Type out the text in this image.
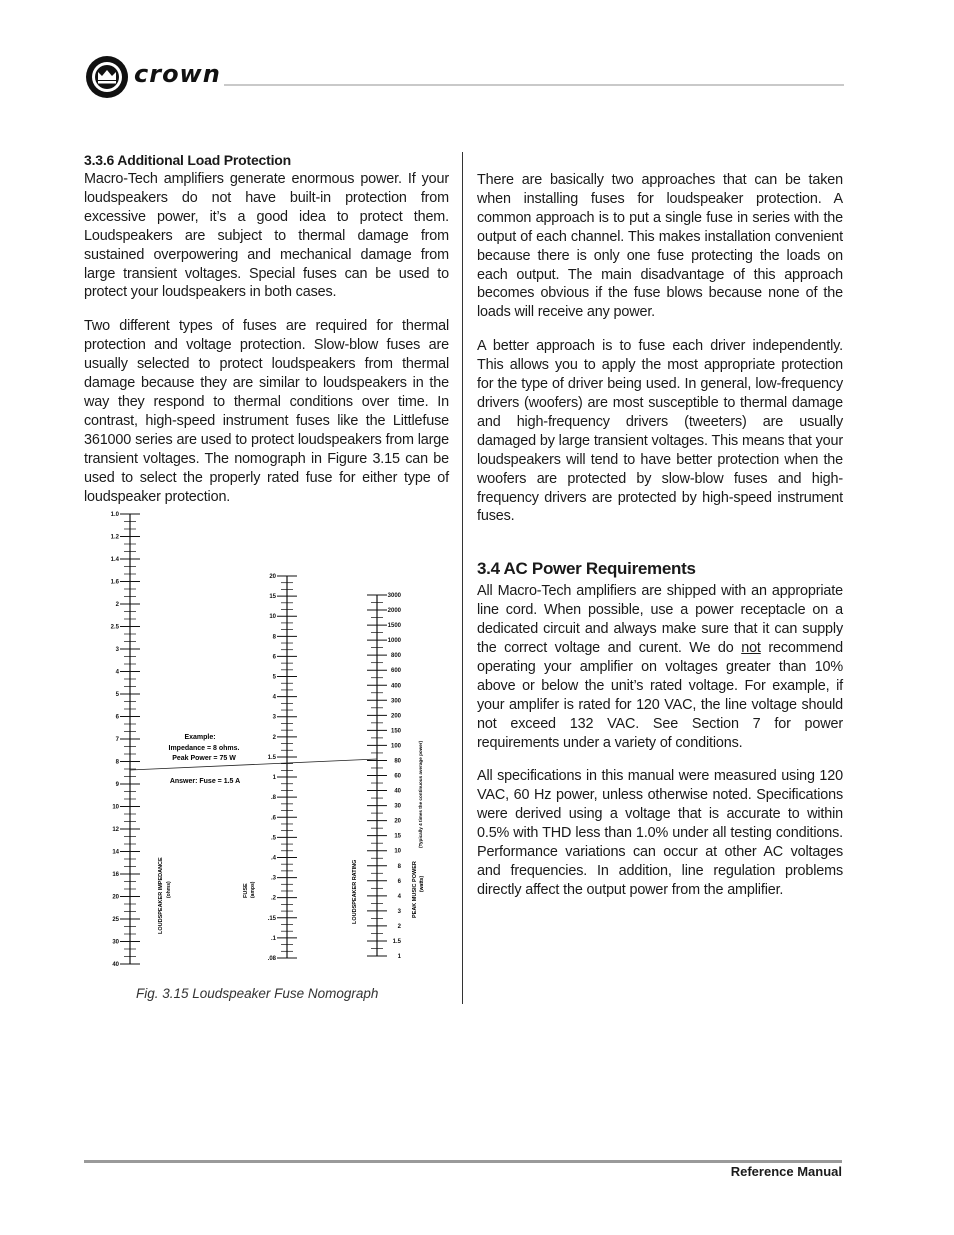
crown
3.3.6 Additional Load Protection

Macro-Tech amplifiers generate enormous power. If your loudspeakers do not have built-in protection from excessive power, it’s a good idea to protect them. Loudspeakers are subject to thermal damage from sustained overpowering and mechanical damage from large transient voltages. Special fuses can be used to protect your loudspeakers in both cases.

Two different types of fuses are required for thermal protection and voltage protection. Slow-blow fuses are usually selected to protect loudspeakers from thermal damage because they are similar to loudspeakers in the way they respond to thermal conditions over time. In contrast, high-speed instrument fuses like the Littlefuse 361000 series are used to protect loudspeakers from large transient voltages. The nomograph in Figure 3.15 can be used to select the properly rated fuse for either type of loudspeaker protection.

1.0
1.2
1.4
1.6
2
2.5
3
4
5
6
7
8
9
10
12
14
16
20
25
30
40
20
15
10
8
6
5
4
3
2
1.5
1
.8
.6
.5
.4
.3
.2
.15
.1
.08
3000
2000
1500
1000
800
600
400
300
200
150
100
80
60
40
30
20
15
10
8
6
4
3
2
1.5
1
Example:
Impedance = 8 ohms.
Peak Power = 75 W
Answer: Fuse = 1.5 A
LOUDSPEAKER IMPEDANCE (ohms)	FUSE (amps)	LOUDSPEAKER RATING	PEAK MUSIC POWER (watts)
(Typically 4 times the continuous average power)
Fig. 3.15 Loudspeaker Fuse Nomograph

There are basically two approaches that can be taken when installing fuses for loudspeaker protection. A common approach is to put a single fuse in series with the output of each channel. This makes installation convenient because there is only one fuse protecting the loads on each output. The main disadvantage of this approach becomes obvious if the fuse blows because none of the loads will receive any power.

A better approach is to fuse each driver independently. This allows you to apply the most appropriate protection for the type of driver being used. In general, low-frequency drivers (woofers) are most susceptible to thermal damage and high-frequency drivers (tweeters) are usually damaged by large transient voltages. This means that your loudspeakers will tend to have better protection when the woofers are protected by slow-blow fuses and high-frequency drivers are protected by high-speed instrument fuses.

3.4 AC Power Requirements

All Macro-Tech amplifiers are shipped with an appropriate line cord. When possible, use a power receptacle on a dedicated circuit and always make sure that it can supply the correct voltage and curent. We do not recommend operating your amplifier on voltages greater than 10% above or below the unit’s rated voltage. For example, if your amplifer is rated for 120 VAC, the line voltage should not exceed 132 VAC. See Section 7 for power requirements under a variety of conditions.

All specifications in this manual were measured using 120 VAC, 60 Hz power, unless otherwise noted. Specifications were derived using a voltage that is accurate to within 0.5% with THD less than 1.0% under all testing conditions. Performance variations can occur at other AC voltages and frequencies. In addition, line regulation problems directly affect the output power from the amplifier.

Reference Manual
